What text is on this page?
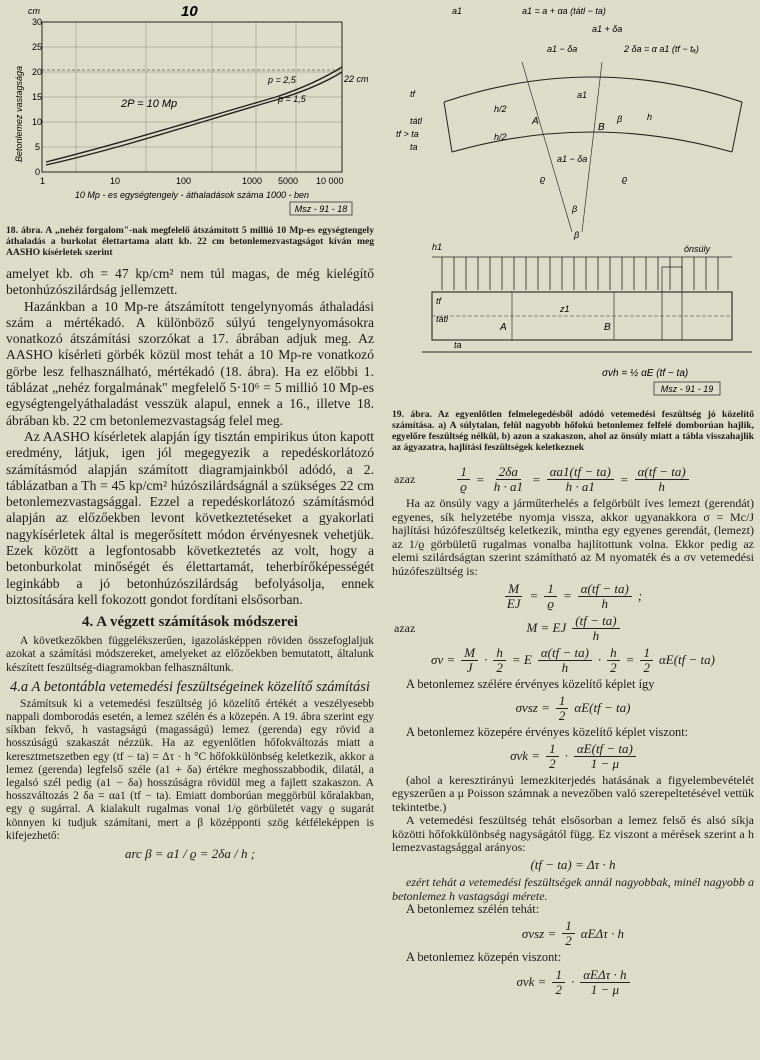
cm	10
Betonlemez vastagsága
30
25
20
15
10
5
0
1	10	100	1000 5000 10 000
2P = 10 Mp
p = 2,5
p = 1,5
22 cm
10 Mp - es egységtengely - áthaladások száma 1000 - ben
Msz - 91 - 18

18. ábra. A „nehéz forgalom"-nak megfelelő átszámított 5 millió 10 Mp-es egységtengely áthaladás a burkolat élettartama alatt kb. 22 cm betonlemezvastagságot kíván meg AASHO kísérletek szerint

amelyet kb. σh = 47 kp/cm² nem túl magas, de még kielégítő betonhúzószilárdság jellemzett.

Hazánkban a 10 Mp-re átszámított tengelynyomás áthaladási szám a mértékadó. A különböző súlyú tengelynyomásokra vonatkozó átszámítási szorzókat a 17. ábrában adjuk meg. Az AASHO kísérleti görbék közül most tehát a 10 Mp-re vonatkozó görbe lesz felhasználható, mértékadó (18. ábra). Ha ez előbbi 1. táblázat „nehéz forgalmának" megfelelő 5·10⁶ = 5 millió 10 Mp-es egységtengelyáthaladást vesszük alapul, ennek a 16., illetve 18. ábrában kb. 22 cm betonlemezvastagság felel meg.

Az AASHO kísérletek alapján így tisztán empirikus úton kapott eredmény, látjuk, igen jól megegyezik a repedéskorlátozó számításmód alapján számított diagramjainkból adódó, a 2. táblázatban a Th = 45 kp/cm² húzószilárdságnál a szükséges 22 cm betonlemezvastagsággal. Ezzel a repedéskorlátozó számításmód alapján az előzőekben levont következtetéseket a gyakorlati nagykísérletek által is megerősített módon érvényesnek vehetjük. Ezek között a legfontosabb következtetés az volt, hogy a betonburkolat minőségét és élettartamát, teherbírőképességét leginkább a jó betonhúzószilárdság befolyásolja, ennek biztosítására kell fokozott gondot fordítani elsősorban.

4. A végzett számítások módszerei

A következőkben függelékszerűen, igazolásképpen röviden összefoglaljuk azokat a számítási módszereket, amelyeket az előzőekben bemutatott, általunk készített feszültség-diagramokban felhasználtunk.

4.a A betontábla vetemedési feszültségeinek közelítő számítási

Számítsuk ki a vetemedési feszültség jó közelítő értékét a veszélyesebb nappali domborodás esetén, a lemez szélén és a közepén. A 19. ábra szerint egy síkban fekvő, h vastagságú (magasságú) lemez (gerenda) egy rövid a hosszúságú szakaszát nézzük. Ha az egyenlőtlen hőfokváltozás miatt a keresztmetszetben egy (tf − ta) = Δτ · h °C hőfokkülönbség keletkezik, akkor a lemez (gerenda) legfelső széle (a1 + δa) értékre meghosszabbodik, dilatál, a legalsó szél pedig (a1 − δa) hosszúságra rövidül meg a fajlett szakaszon. A hosszváltozás 2 δa = αa1 (tf − ta). Emiatt domborúan meggörbül kőralakban, egy ϱ sugárral. A kialakult rugalmas vonal 1/ϱ görbületét vagy ϱ sugarát könnyen ki tudjuk számítani, mert a β középponti szög kétféleképpen is kifejezhető:

arc β = a1 / ϱ = 2δa / h ;
a1	a1 = a + αa (tátl − ta)
a1 + δa
a1 − δa	2 δa = α a1 (tf − tₐ)
tf
tátl
ta
tf > ta
h/2
h/2
A
B
h
ϱ	ϱ
β
β
a1
a1 − δa
β
h1	önsúly
tf
tátl
z1
A	B
ta
σvh = ½ αE (tf − ta)
Msz - 91 - 19

19. ábra. Az egyenlőtlen felmelegedésből adódó vetemedési feszültség jó közelítő számítása. a) A súlytalan, felül nagyobb hőfokú betonlemez felfelé domborúan hajlik, egyelőre feszültség nélkül, b) azon a szakaszon, ahol az önsúly miatt a tábla visszahajlik az ágyazatra, hajlítási feszültségek keletkeznek

azaz	$\frac{1}{ϱ} = \frac{2\delta a}{h \cdot a1} = \frac{\alpha a1(tf - ta)}{h \cdot a1} = \frac{\alpha(tf - ta)}{h}$

Ha az önsúly vagy a járműterhelés a felgörbült íves lemezt (gerendát) egyenes, sík helyzetébe nyomja vissza, akkor ugyanakkora σ = Mc/J hajlítási húzófeszültség keletkezik, mintha egy egyenes gerendát, (lemezt) az 1/ϱ görbületű rugalmas vonalba hajlítottunk volna. Ekkor pedig az elemi szilárdságtan szerint számítható az M nyomaték és a σv vetemedési húzófeszültség is:

$\frac{M}{EJ} = \frac{1}{ϱ} = \frac{\alpha(tf - ta)}{h}$ ;
azaz	M = EJ $\frac{(tf - ta)}{h}$
$\sigma v = \frac{M}{J} \cdot \frac{h}{2} = E \frac{\alpha(tf - ta)}{h} \cdot \frac{h}{2} = \frac{1}{2} \alpha E(tf - ta)$

A betonlemez szélére érvényes közelítő képlet így

$\sigma vsz = \frac{1}{2} \alpha E(tf - ta)$

A betonlemez közepére érvényes közelítő képlet viszont:

$\sigma vk = \frac{1}{2} \cdot \frac{\alpha E(tf - ta)}{1 - \mu}$

(ahol a keresztirányú lemezkiterjedés hatásának a figyelembevételét egyszerűen a μ Poisson számnak a nevezőben való szerepeltetésével vettük tekintetbe.)

A vetemedési feszültség tehát elsősorban a lemez felső és alsó síkja közötti hőfokkülönbség nagyságától függ. Ez viszont a mérések szerint a h lemezvastagsággal arányos:

(tf − ta) = Δτ · h

ezért tehát a vetemedési feszültségek annál nagyobbak, minél nagyobb a betonlemez h vastagsági mérete.

A betonlemez szélén tehát:

$\sigma vsz = \frac{1}{2}$ αEΔτ · h

A betonlemez közepén viszont:

$\sigma vk = \frac{1}{2} \cdot \frac{\text{αEΔτ · h}}{1 - \mu}$
